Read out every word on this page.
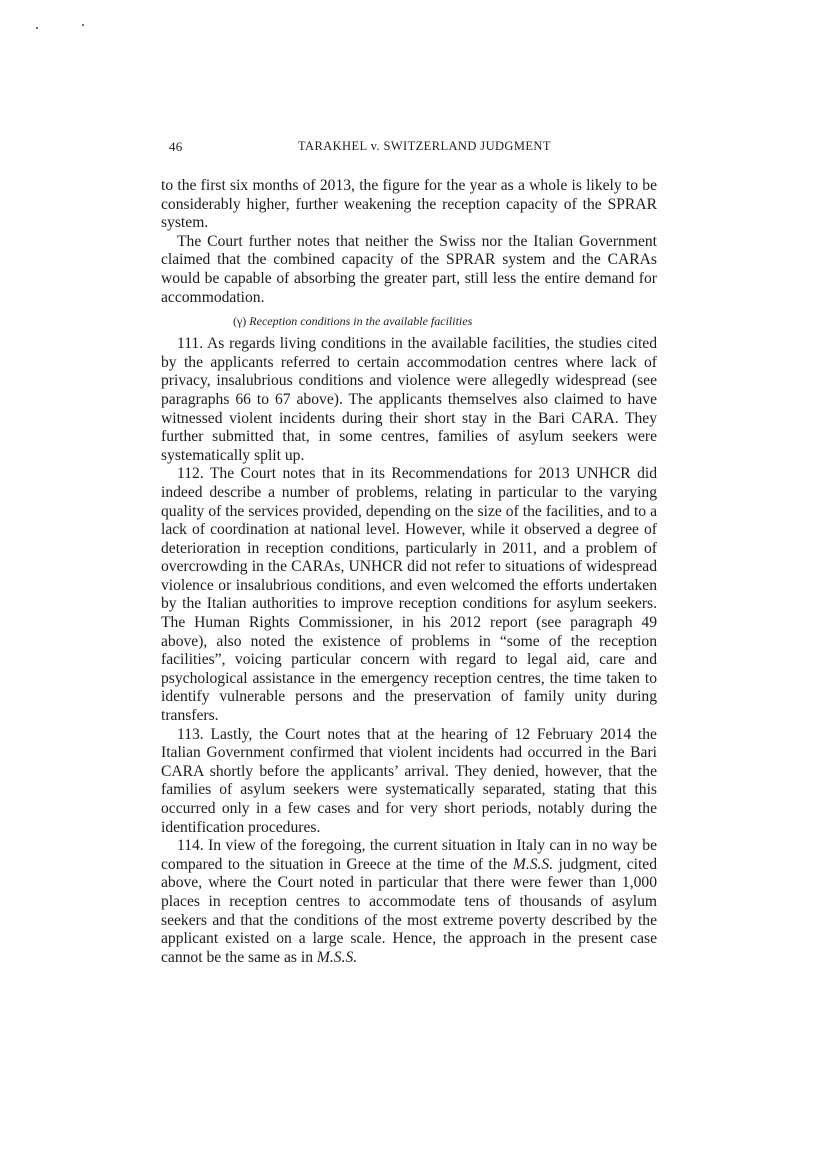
46	TARAKHEL v. SWITZERLAND JUDGMENT

to the first six months of 2013, the figure for the year as a whole is likely to be considerably higher, further weakening the reception capacity of the SPRAR system.

The Court further notes that neither the Swiss nor the Italian Government claimed that the combined capacity of the SPRAR system and the CARAs would be capable of absorbing the greater part, still less the entire demand for accommodation.

(γ) Reception conditions in the available facilities

111. As regards living conditions in the available facilities, the studies cited by the applicants referred to certain accommodation centres where lack of privacy, insalubrious conditions and violence were allegedly widespread (see paragraphs 66 to 67 above). The applicants themselves also claimed to have witnessed violent incidents during their short stay in the Bari CARA. They further submitted that, in some centres, families of asylum seekers were systematically split up.

112. The Court notes that in its Recommendations for 2013 UNHCR did indeed describe a number of problems, relating in particular to the varying quality of the services provided, depending on the size of the facilities, and to a lack of coordination at national level. However, while it observed a degree of deterioration in reception conditions, particularly in 2011, and a problem of overcrowding in the CARAs, UNHCR did not refer to situations of widespread violence or insalubrious conditions, and even welcomed the efforts undertaken by the Italian authorities to improve reception conditions for asylum seekers. The Human Rights Commissioner, in his 2012 report (see paragraph 49 above), also noted the existence of problems in “some of the reception facilities”, voicing particular concern with regard to legal aid, care and psychological assistance in the emergency reception centres, the time taken to identify vulnerable persons and the preservation of family unity during transfers.

113. Lastly, the Court notes that at the hearing of 12 February 2014 the Italian Government confirmed that violent incidents had occurred in the Bari CARA shortly before the applicants’ arrival. They denied, however, that the families of asylum seekers were systematically separated, stating that this occurred only in a few cases and for very short periods, notably during the identification procedures.

114. In view of the foregoing, the current situation in Italy can in no way be compared to the situation in Greece at the time of the M.S.S. judgment, cited above, where the Court noted in particular that there were fewer than 1,000 places in reception centres to accommodate tens of thousands of asylum seekers and that the conditions of the most extreme poverty described by the applicant existed on a large scale. Hence, the approach in the present case cannot be the same as in M.S.S.
